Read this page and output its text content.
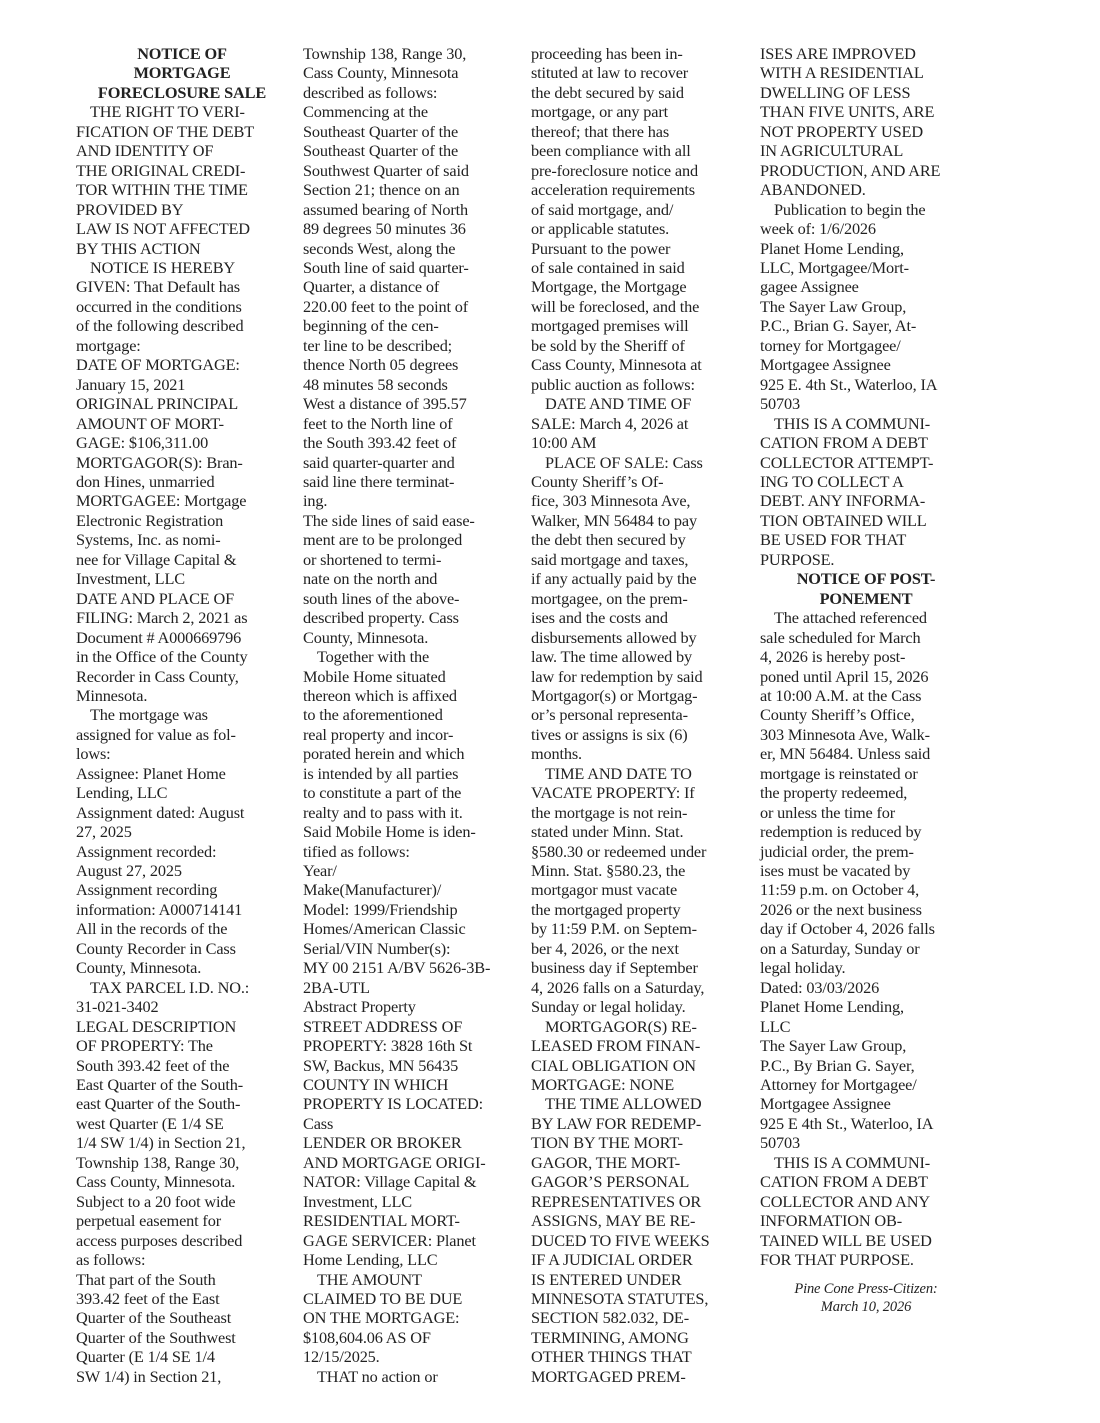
NOTICE OF
MORTGAGE
FORECLOSURE SALE
THE RIGHT TO VERI-
FICATION OF THE DEBT
AND IDENTITY OF
THE ORIGINAL CREDI-
TOR WITHIN THE TIME
PROVIDED BY
LAW IS NOT AFFECTED
BY THIS ACTION
NOTICE IS HEREBY
GIVEN: That Default has
occurred in the conditions
of the following described
mortgage:
DATE OF MORTGAGE:
January 15, 2021
ORIGINAL PRINCIPAL
AMOUNT OF MORT-
GAGE: $106,311.00
MORTGAGOR(S): Bran-
don Hines, unmarried
MORTGAGEE: Mortgage
Electronic Registration
Systems, Inc. as nomi-
nee for Village Capital &
Investment, LLC
DATE AND PLACE OF
FILING: March 2, 2021 as
Document # A000669796
in the Office of the County
Recorder in Cass County,
Minnesota.
The mortgage was
assigned for value as fol-
lows:
Assignee: Planet Home
Lending, LLC
Assignment dated: August
27, 2025
Assignment recorded:
August 27, 2025
Assignment recording
information: A000714141
All in the records of the
County Recorder in Cass
County, Minnesota.
TAX PARCEL I.D. NO.:
31-021-3402
LEGAL DESCRIPTION
OF PROPERTY: The
South 393.42 feet of the
East Quarter of the South-
east Quarter of the South-
west Quarter (E 1/4 SE
1/4 SW 1/4) in Section 21,
Township 138, Range 30,
Cass County, Minnesota.
Subject to a 20 foot wide
perpetual easement for
access purposes described
as follows:
That part of the South
393.42 feet of the East
Quarter of the Southeast
Quarter of the Southwest
Quarter (E 1/4 SE 1/4
SW 1/4) in Section 21,
Township 138, Range 30,
Cass County, Minnesota
described as follows:
Commencing at the
Southeast Quarter of the
Southeast Quarter of the
Southwest Quarter of said
Section 21; thence on an
assumed bearing of North
89 degrees 50 minutes 36
seconds West, along the
South line of said quarter-
Quarter, a distance of
220.00 feet to the point of
beginning of the cen-
ter line to be described;
thence North 05 degrees
48 minutes 58 seconds
West a distance of 395.57
feet to the North line of
the South 393.42 feet of
said quarter-quarter and
said line there terminat-
ing.
The side lines of said ease-
ment are to be prolonged
or shortened to termi-
nate on the north and
south lines of the above-
described property. Cass
County, Minnesota.
Together with the
Mobile Home situated
thereon which is affixed
to the aforementioned
real property and incor-
porated herein and which
is intended by all parties
to constitute a part of the
realty and to pass with it.
Said Mobile Home is iden-
tified as follows:
Year/
Make(Manufacturer)/
Model: 1999/Friendship
Homes/American Classic
Serial/VIN Number(s):
MY 00 2151 A/BV 5626-3B-
2BA-UTL
Abstract Property
STREET ADDRESS OF
PROPERTY: 3828 16th St
SW, Backus, MN 56435
COUNTY IN WHICH
PROPERTY IS LOCATED:
Cass
LENDER OR BROKER
AND MORTGAGE ORIGI-
NATOR: Village Capital &
Investment, LLC
RESIDENTIAL MORT-
GAGE SERVICER: Planet
Home Lending, LLC
THE AMOUNT
CLAIMED TO BE DUE
ON THE MORTGAGE:
$108,604.06 AS OF
12/15/2025.
THAT no action or
proceeding has been in-
stituted at law to recover
the debt secured by said
mortgage, or any part
thereof; that there has
been compliance with all
pre-foreclosure notice and
acceleration requirements
of said mortgage, and/
or applicable statutes.
Pursuant to the power
of sale contained in said
Mortgage, the Mortgage
will be foreclosed, and the
mortgaged premises will
be sold by the Sheriff of
Cass County, Minnesota at
public auction as follows:
DATE AND TIME OF
SALE: March 4, 2026 at
10:00 AM
PLACE OF SALE: Cass
County Sheriff’s Of-
fice, 303 Minnesota Ave,
Walker, MN 56484 to pay
the debt then secured by
said mortgage and taxes,
if any actually paid by the
mortgagee, on the prem-
ises and the costs and
disbursements allowed by
law. The time allowed by
law for redemption by said
Mortgagor(s) or Mortgag-
or’s personal representa-
tives or assigns is six (6)
months.
TIME AND DATE TO
VACATE PROPERTY: If
the mortgage is not rein-
stated under Minn. Stat.
§580.30 or redeemed under
Minn. Stat. §580.23, the
mortgagor must vacate
the mortgaged property
by 11:59 P.M. on Septem-
ber 4, 2026, or the next
business day if September
4, 2026 falls on a Saturday,
Sunday or legal holiday.
MORTGAGOR(S) RE-
LEASED FROM FINAN-
CIAL OBLIGATION ON
MORTGAGE: NONE
THE TIME ALLOWED
BY LAW FOR REDEMP-
TION BY THE MORT-
GAGOR, THE MORT-
GAGOR’S PERSONAL
REPRESENTATIVES OR
ASSIGNS, MAY BE RE-
DUCED TO FIVE WEEKS
IF A JUDICIAL ORDER
IS ENTERED UNDER
MINNESOTA STATUTES,
SECTION 582.032, DE-
TERMINING, AMONG
OTHER THINGS THAT
MORTGAGED PREM-
ISES ARE IMPROVED
WITH A RESIDENTIAL
DWELLING OF LESS
THAN FIVE UNITS, ARE
NOT PROPERTY USED
IN AGRICULTURAL
PRODUCTION, AND ARE
ABANDONED.
Publication to begin the
week of: 1/6/2026
Planet Home Lending,
LLC, Mortgagee/Mort-
gagee Assignee
The Sayer Law Group,
P.C., Brian G. Sayer, At-
torney for Mortgagee/
Mortgagee Assignee
925 E. 4th St., Waterloo, IA
50703
THIS IS A COMMUNI-
CATION FROM A DEBT
COLLECTOR ATTEMPT-
ING TO COLLECT A
DEBT. ANY INFORMA-
TION OBTAINED WILL
BE USED FOR THAT
PURPOSE.
NOTICE OF POST-
PONEMENT
The attached referenced
sale scheduled for March
4, 2026 is hereby post-
poned until April 15, 2026
at 10:00 A.M. at the Cass
County Sheriff’s Office,
303 Minnesota Ave, Walk-
er, MN 56484. Unless said
mortgage is reinstated or
the property redeemed,
or unless the time for
redemption is reduced by
judicial order, the prem-
ises must be vacated by
11:59 p.m. on October 4,
2026 or the next business
day if October 4, 2026 falls
on a Saturday, Sunday or
legal holiday.
Dated: 03/03/2026
Planet Home Lending,
LLC
The Sayer Law Group,
P.C., By Brian G. Sayer,
Attorney for Mortgagee/
Mortgagee Assignee
925 E 4th St., Waterloo, IA
50703
THIS IS A COMMUNI-
CATION FROM A DEBT
COLLECTOR AND ANY
INFORMATION OB-
TAINED WILL BE USED
FOR THAT PURPOSE.
Pine Cone Press-Citizen:
March 10, 2026
